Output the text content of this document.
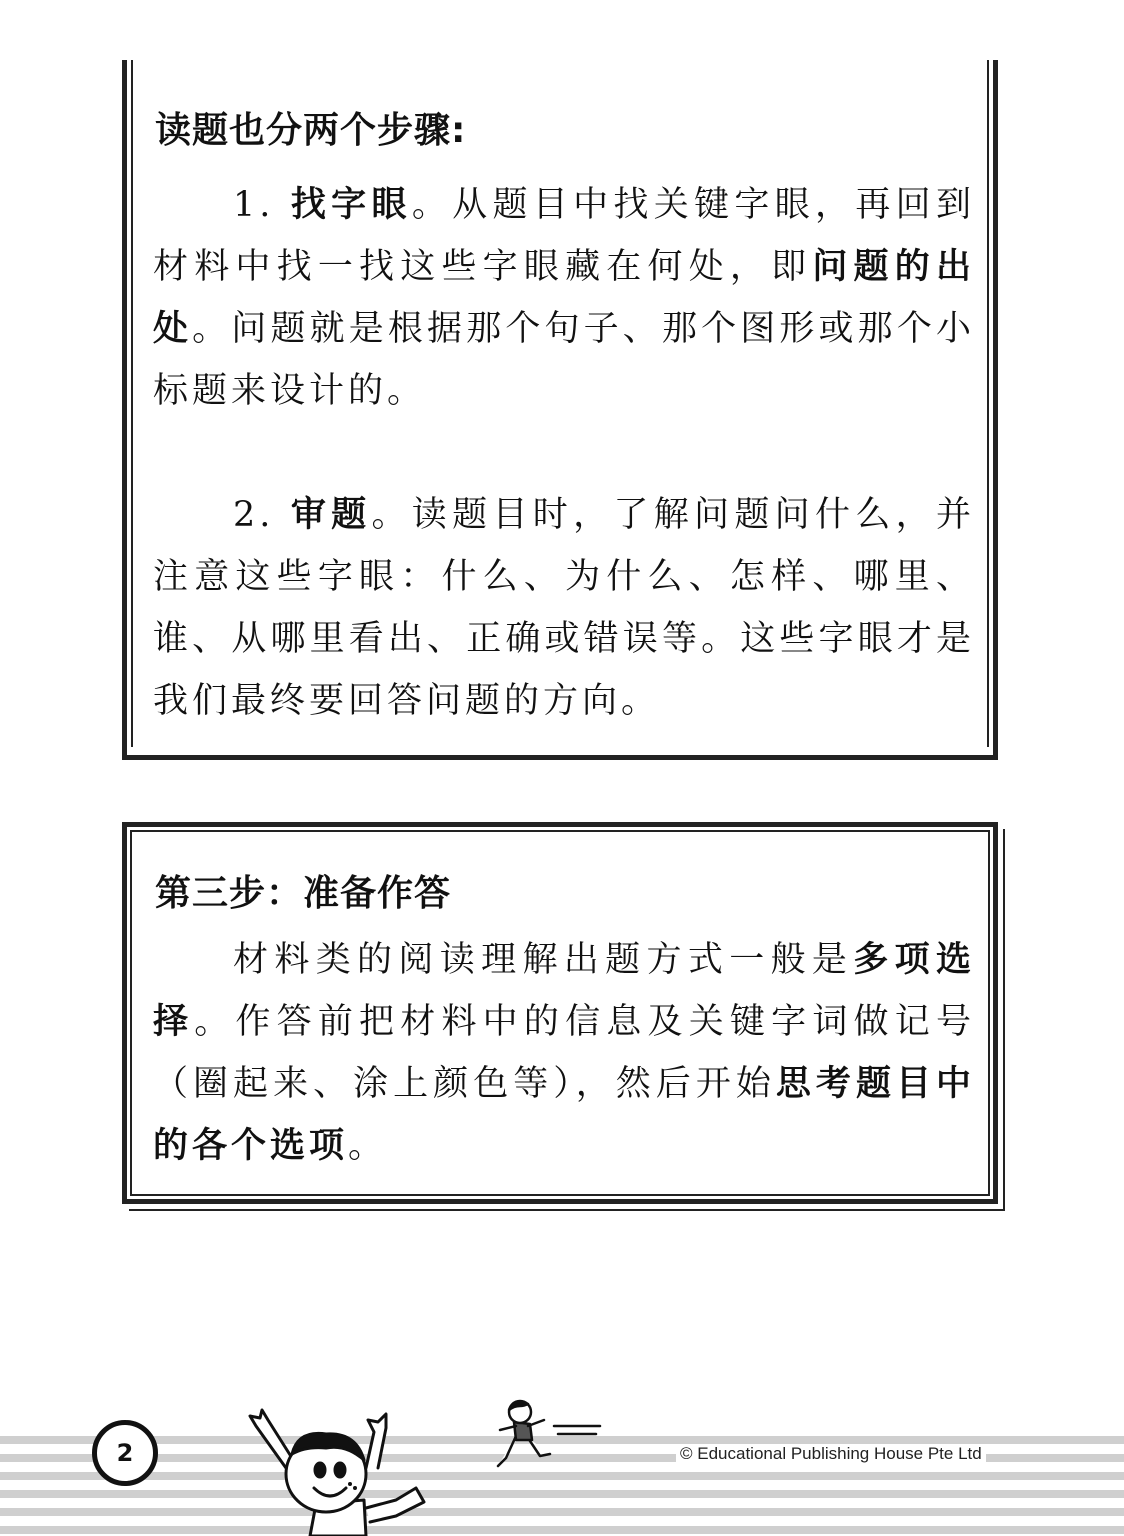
读题也分两个步骤:
1. 找字眼。从题目中找关键字眼，再回到材料中找一找这些字眼藏在何处，即问题的出处。问题就是根据那个句子、那个图形或那个小标题来设计的。
2. 审题。读题目时，了解问题问什么，并注意这些字眼：什么、为什么、怎样、哪里、谁、从哪里看出、正确或错误等。这些字眼才是我们最终要回答问题的方向。
第三步：准备作答
材料类的阅读理解出题方式一般是多项选择。作答前把材料中的信息及关键字词做记号（圈起来、涂上颜色等），然后开始思考题目中的各个选项。
2	© Educational Publishing House Pte Ltd
